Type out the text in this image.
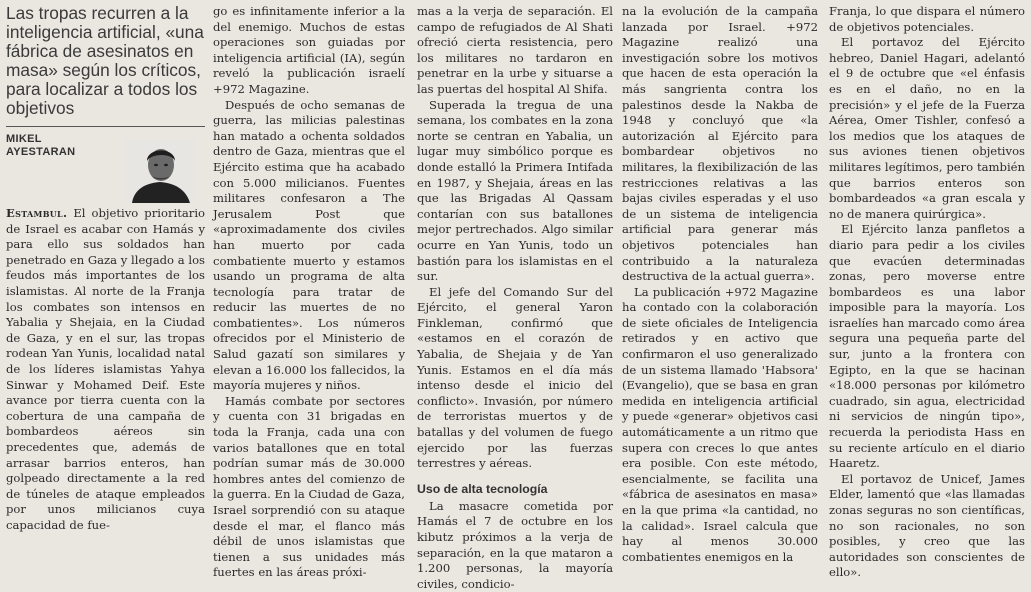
Las tropas recurren a la inteligencia artificial, «una fábrica de asesinatos en masa» según los críticos, para localizar a todos los objetivos
MIKEL
AYESTARAN

Estambul. El objetivo prioritario de Israel es acabar con Hamás y para ello sus soldados han penetrado en Gaza y llegado a los feudos más importantes de los islamistas. Al norte de la Franja los combates son intensos en Yabalia y Shejaia, en la Ciudad de Gaza, y en el sur, las tropas rodean Yan Yunis, localidad natal de los líderes islamistas Yahya Sinwar y Mohamed Deif. Este avance por tierra cuenta con la cobertura de una campaña de bombardeos aéreos sin precedentes que, además de arrasar barrios enteros, han golpeado directamente a la red de túneles de ataque empleados por unos milicianos cuya capacidad de fue-

go es infinitamente inferior a la del enemigo. Muchos de estas operaciones son guiadas por inteligencia artificial (IA), según reveló la publicación israelí +972 Magazine.

Después de ocho semanas de guerra, las milicias palestinas han matado a ochenta soldados dentro de Gaza, mientras que el Ejército estima que ha acabado con 5.000 milicianos. Fuentes militares confesaron a The Jerusalem Post que «aproximadamente dos civiles han muerto por cada combatiente muerto y estamos usando un programa de alta tecnología para tratar de reducir las muertes de no combatientes». Los números ofrecidos por el Ministerio de Salud gazatí son similares y elevan a 16.000 los fallecidos, la mayoría mujeres y niños.

Hamás combate por sectores y cuenta con 31 brigadas en toda la Franja, cada una con varios batallones que en total podrían sumar más de 30.000 hombres antes del comienzo de la guerra. En la Ciudad de Gaza, Israel sorprendió con su ataque desde el mar, el flanco más débil de unos islamistas que tienen a sus unidades más fuertes en las áreas próxi-

mas a la verja de separación. El campo de refugiados de Al Shati ofreció cierta resistencia, pero los militares no tardaron en penetrar en la urbe y situarse a las puertas del hospital Al Shifa.

Superada la tregua de una semana, los combates en la zona norte se centran en Yabalia, un lugar muy simbólico porque es donde estalló la Primera Intifada en 1987, y Shejaia, áreas en las que las Brigadas Al Qassam contarían con sus batallones mejor pertrechados. Algo similar ocurre en Yan Yunis, todo un bastión para los islamistas en el sur.

El jefe del Comando Sur del Ejército, el general Yaron Finkleman, confirmó que «estamos en el corazón de Yabalia, de Shejaia y de Yan Yunis. Estamos en el día más intenso desde el inicio del conflicto». Invasión, por número de terroristas muertos y de batallas y del volumen de fuego ejercido por las fuerzas terrestres y aéreas.

Uso de alta tecnología

La masacre cometida por Hamás el 7 de octubre en los kibutz próximos a la verja de separación, en la que mataron a 1.200 personas, la mayoría civiles, condicio-

na la evolución de la campaña lanzada por Israel. +972 Magazine realizó una investigación sobre los motivos que hacen de esta operación la más sangrienta contra los palestinos desde la Nakba de 1948 y concluyó que «la autorización al Ejército para bombardear objetivos no militares, la flexibilización de las restricciones relativas a las bajas civiles esperadas y el uso de un sistema de inteligencia artificial para generar más objetivos potenciales han contribuido a la naturaleza destructiva de la actual guerra».

La publicación +972 Magazine ha contado con la colaboración de siete oficiales de Inteligencia retirados y en activo que confirmaron el uso generalizado de un sistema llamado 'Habsora' (Evangelio), que se basa en gran medida en inteligencia artificial y puede «generar» objetivos casi automáticamente a un ritmo que supera con creces lo que antes era posible. Con este método, esencialmente, se facilita una «fábrica de asesinatos en masa» en la que prima «la cantidad, no la calidad». Israel calcula que hay al menos 30.000 combatientes enemigos en la

Franja, lo que dispara el número de objetivos potenciales.

El portavoz del Ejército hebreo, Daniel Hagari, adelantó el 9 de octubre que «el énfasis es en el daño, no en la precisión» y el jefe de la Fuerza Aérea, Omer Tishler, confesó a los medios que los ataques de sus aviones tienen objetivos militares legítimos, pero también que barrios enteros son bombardeados «a gran escala y no de manera quirúrgica».

El Ejército lanza panfletos a diario para pedir a los civiles que evacúen determinadas zonas, pero moverse entre bombardeos es una labor imposible para la mayoría. Los israelíes han marcado como área segura una pequeña parte del sur, junto a la frontera con Egipto, en la que se hacinan «18.000 personas por kilómetro cuadrado, sin agua, electricidad ni servicios de ningún tipo», recuerda la periodista Hass en su reciente artículo en el diario Haaretz.

El portavoz de Unicef, James Elder, lamentó que «las llamadas zonas seguras no son científicas, no son racionales, no son posibles, y creo que las autoridades son conscientes de ello».
